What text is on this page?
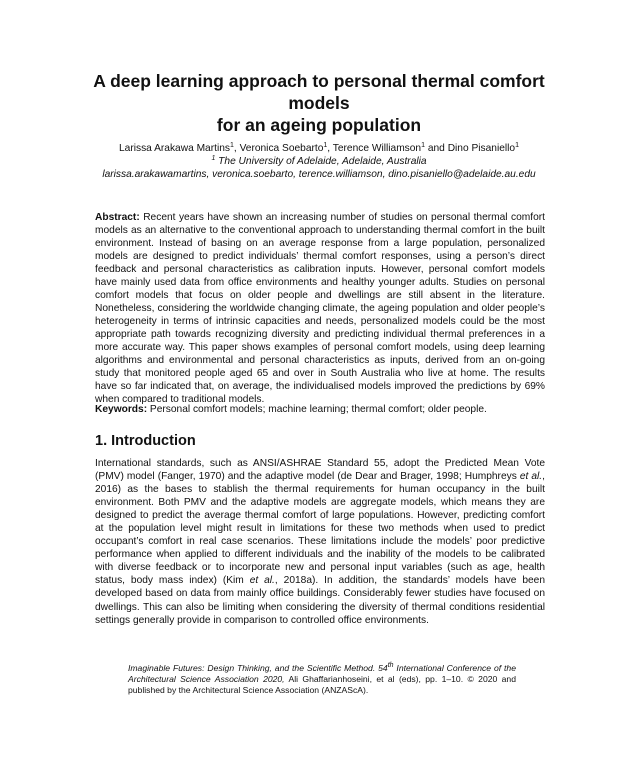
A deep learning approach to personal thermal comfort models
for an ageing population
Larissa Arakawa Martins$^1$, Veronica Soebarto$^1$, Terence Williamson$^1$ and Dino Pisaniello$^1$
$^1$ The University of Adelaide, Adelaide, Australia
larissa.arakawamartins, veronica.soebarto, terence.williamson, dino.pisaniello@adelaide.au.edu

Abstract: Recent years have shown an increasing number of studies on personal thermal comfort models as an alternative to the conventional approach to understanding thermal comfort in the built environment. Instead of basing on an average response from a large population, personalized models are designed to predict individuals’ thermal comfort responses, using a person’s direct feedback and personal characteristics as calibration inputs. However, personal comfort models have mainly used data from office environments and healthy younger adults. Studies on personal comfort models that focus on older people and dwellings are still absent in the literature. Nonetheless, considering the worldwide changing climate, the ageing population and older people’s heterogeneity in terms of intrinsic capacities and needs, personalized models could be the most appropriate path towards recognizing diversity and predicting individual thermal preferences in a more accurate way. This paper shows examples of personal comfort models, using deep learning algorithms and environmental and personal characteristics as inputs, derived from an on-going study that monitored people aged 65 and over in South Australia who live at home. The results have so far indicated that, on average, the individualised models improved the predictions by 69% when compared to traditional models.

Keywords: Personal comfort models; machine learning; thermal comfort; older people.

1. Introduction

International standards, such as ANSI/ASHRAE Standard 55, adopt the Predicted Mean Vote (PMV) model (Fanger, 1970) and the adaptive model (de Dear and Brager, 1998; Humphreys et al., 2016) as the bases to stablish the thermal requirements for human occupancy in the built environment. Both PMV and the adaptive models are aggregate models, which means they are designed to predict the average thermal comfort of large populations. However, predicting comfort at the population level might result in limitations for these two methods when used to predict occupant’s comfort in real case scenarios. These limitations include the models’ poor predictive performance when applied to different individuals and the inability of the models to be calibrated with diverse feedback or to incorporate new and personal input variables (such as age, health status, body mass index) (Kim et al., 2018a). In addition, the standards’ models have been developed based on data from mainly office buildings. Considerably fewer studies have focused on dwellings. This can also be limiting when considering the diversity of thermal conditions residential settings generally provide in comparison to controlled office environments.

Imaginable Futures: Design Thinking, and the Scientific Method. 54th International Conference of the Architectural Science Association 2020, Ali Ghaffarianhoseini, et al (eds), pp. 1–10. © 2020 and published by the Architectural Science Association (ANZAScA).
